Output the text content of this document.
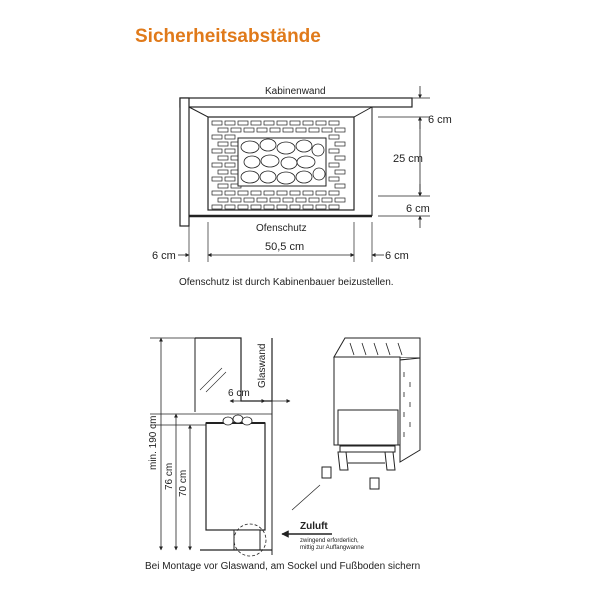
Sicherheitsabstände
Kabinenwand
Ofenschutz
6 cm
25 cm
6 cm
6 cm
50,5 cm
6 cm
Ofenschutz ist durch Kabinenbauer beizustellen.
Glaswand
6 cm
min. 190 cm
76 cm 70 cm
Zuluft
zwingend erforderlich,
mittig zur Auffangwanne
Bei Montage vor Glaswand, am Sockel und Fußboden sichern
